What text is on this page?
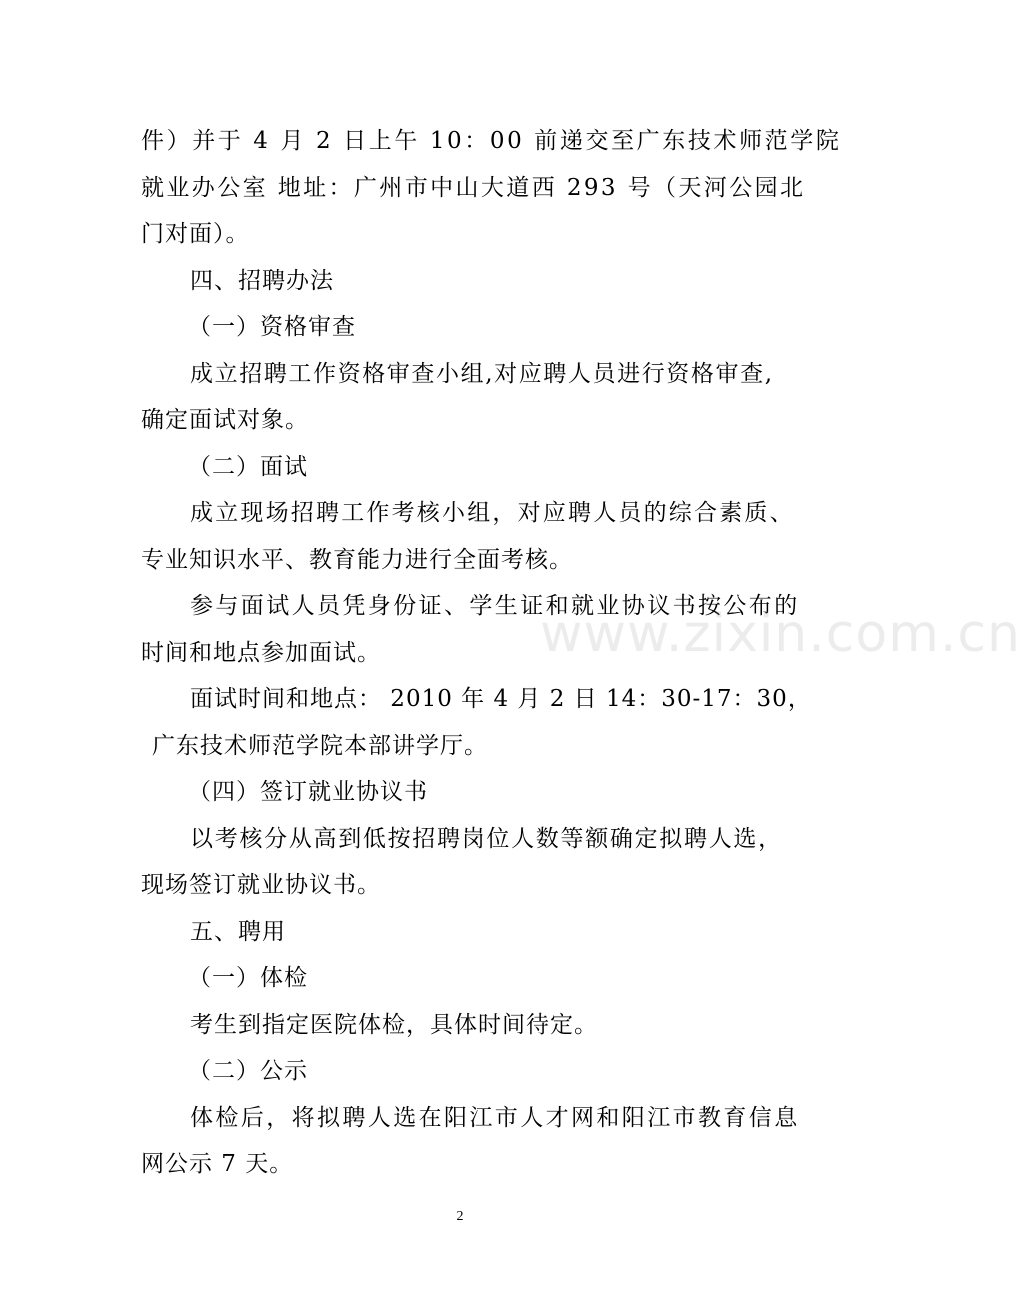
件）并于 4 月 2 日上午 10：00 前递交至广东技术师范学院
就业办公室 地址：广州市中山大道西 293 号（天河公园北
门对面）。
四、招聘办法
（一）资格审查
成立招聘工作资格审查小组,对应聘人员进行资格审查,
确定面试对象。
（二）面试
成立现场招聘工作考核小组，对应聘人员的综合素质、
专业知识水平、教育能力进行全面考核。
参与面试人员凭身份证、学生证和就业协议书按公布的
时间和地点参加面试。
面试时间和地点： 2010 年 4 月 2 日 14：30-17：30，
广东技术师范学院本部讲学厅。
（四）签订就业协议书
以考核分从高到低按招聘岗位人数等额确定拟聘人选，
现场签订就业协议书。
五、聘用
（一）体检
考生到指定医院体检，具体时间待定。
（二）公示
体检后，将拟聘人选在阳江市人才网和阳江市教育信息
网公示 7 天。
www.zixin.com.cn
2
